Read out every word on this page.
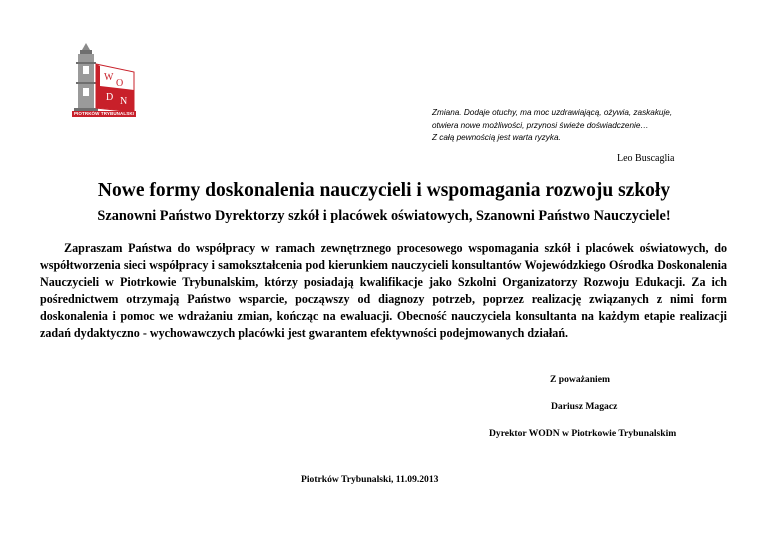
W
O
D N
PIOTRKÓW TRYBUNALSKI	Zmiana. Dodaje otuchy, ma moc uzdrawiającą, ożywia, zaskakuje,
otwiera nowe możliwości, przynosi świeże doświadczenie…
Z całą pewnością jest warta ryzyka.
Leo Buscaglia
Nowe formy doskonalenia nauczycieli i wspomagania rozwoju szkoły
Szanowni Państwo Dyrektorzy szkół i placówek oświatowych, Szanowni Państwo Nauczyciele!

Zapraszam Państwa do współpracy w ramach zewnętrznego procesowego wspomagania szkół i placówek oświatowych, do współtworzenia sieci współpracy i samokształcenia pod kierunkiem nauczycieli konsultantów Wojewódzkiego Ośrodka Doskonalenia Nauczycieli w Piotrkowie Trybunalskim, którzy posiadają kwalifikacje jako Szkolni Organizatorzy Rozwoju Edukacji. Za ich pośrednictwem otrzymają Państwo wsparcie, począwszy od diagnozy potrzeb, poprzez realizację związanych z nimi form doskonalenia i pomoc we wdrażaniu zmian, kończąc na ewaluacji. Obecność nauczyciela konsultanta na każdym etapie realizacji zadań dydaktyczno - wychowawczych placówki jest gwarantem efektywności podejmowanych działań.

Z poważaniem
Dariusz Magacz
Dyrektor WODN w Piotrkowie Trybunalskim
Piotrków Trybunalski, 11.09.2013
